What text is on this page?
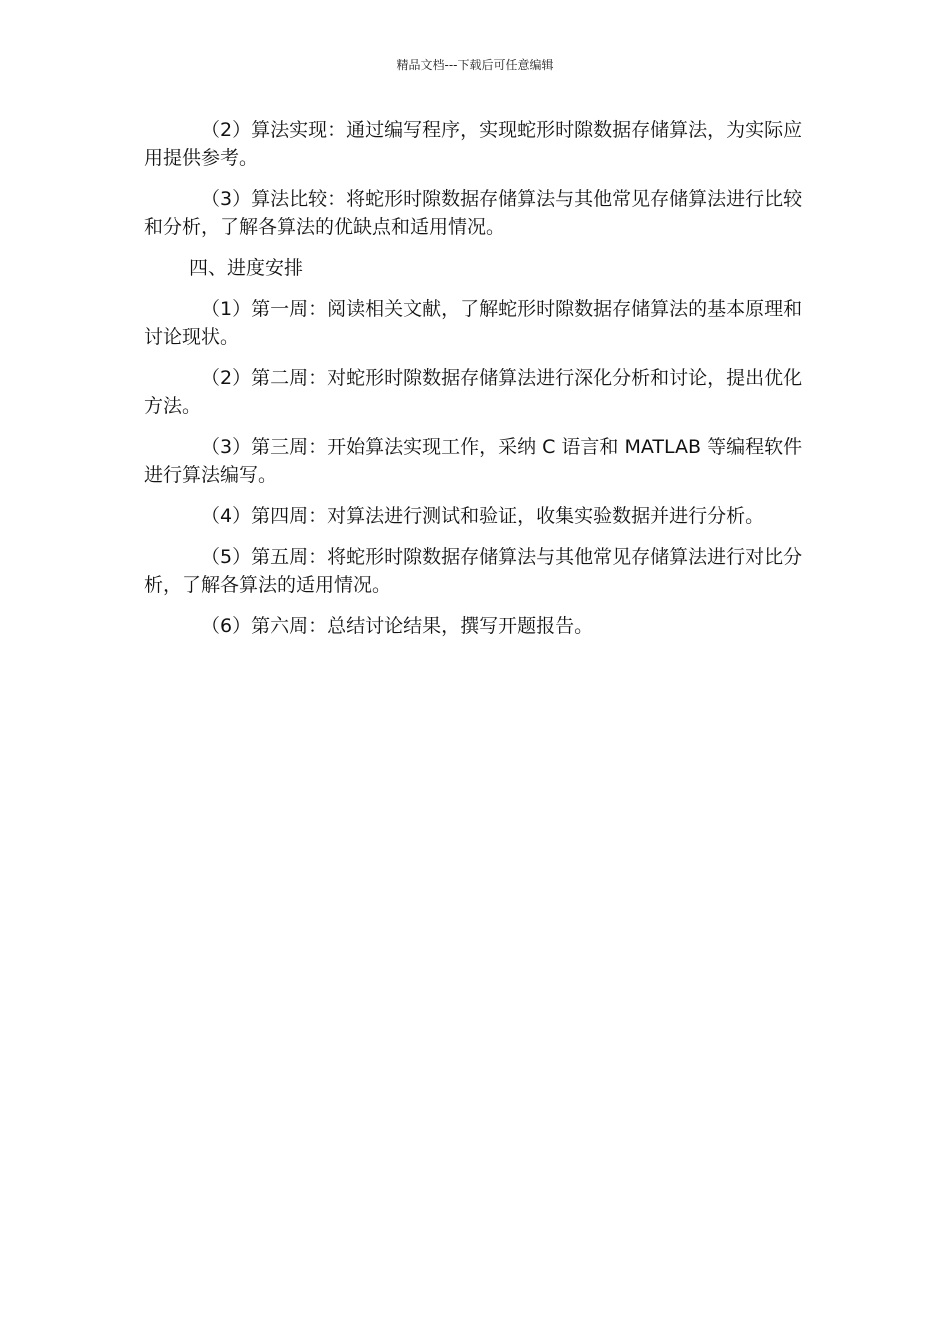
精品文档---下载后可任意编辑

（2）算法实现：通过编写程序，实现蛇形时隙数据存储算法，为实际应用提供参考。

（3）算法比较：将蛇形时隙数据存储算法与其他常见存储算法进行比较和分析，了解各算法的优缺点和适用情况。

四、进度安排

（1）第一周：阅读相关文献，了解蛇形时隙数据存储算法的基本原理和讨论现状。

（2）第二周：对蛇形时隙数据存储算法进行深化分析和讨论，提出优化方法。

（3）第三周：开始算法实现工作，采纳 C 语言和 MATLAB 等编程软件进行算法编写。

（4）第四周：对算法进行测试和验证，收集实验数据并进行分析。

（5）第五周：将蛇形时隙数据存储算法与其他常见存储算法进行对比分析，了解各算法的适用情况。

（6）第六周：总结讨论结果，撰写开题报告。
